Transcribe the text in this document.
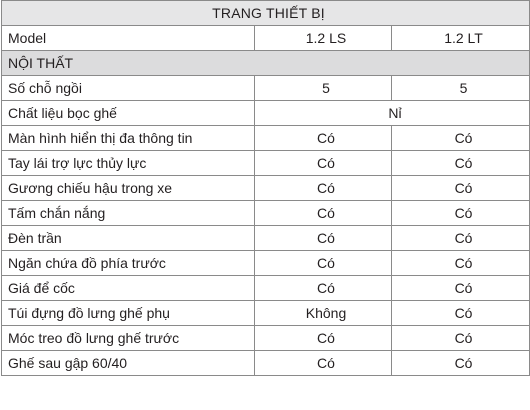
TRANG THIẾT BỊ		
Model	1.2 LS	1.2 LT
NỘI THẤT		
Số chỗ ngồi	5	5
Chất liệu bọc ghế	Nỉ	
Màn hình hiển thị đa thông tin	Có	Có
Tay lái trợ lực thủy lực	Có	Có
Gương chiếu hậu trong xe	Có	Có
Tấm chắn nắng	Có	Có
Đèn trần	Có	Có
Ngăn chứa đồ phía trước	Có	Có
Giá để cốc	Có	Có
Túi đựng đồ lưng ghế phụ	Không	Có
Móc treo đồ lưng ghế trước	Có	Có
Ghế sau gập 60/40	Có	Có
